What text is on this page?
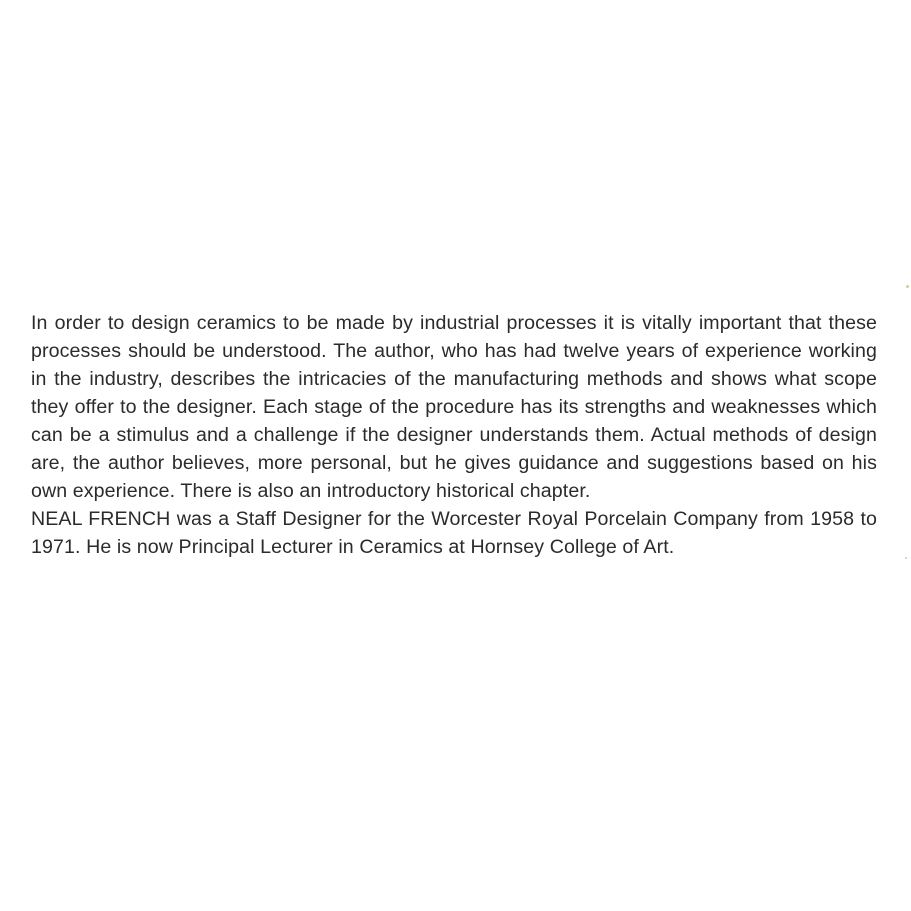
In order to design ceramics to be made by industrial processes it is vitally important that these processes should be understood. The author, who has had twelve years of experience working in the industry, describes the intricacies of the manufacturing methods and shows what scope they offer to the designer. Each stage of the procedure has its strengths and weaknesses which can be a stimulus and a challenge if the designer understands them. Actual methods of design are, the author believes, more personal, but he gives guidance and suggestions based on his own experience. There is also an introductory historical chapter.

NEAL FRENCH was a Staff Designer for the Worcester Royal Porcelain Company from 1958 to 1971. He is now Principal Lecturer in Ceramics at Hornsey College of Art.
